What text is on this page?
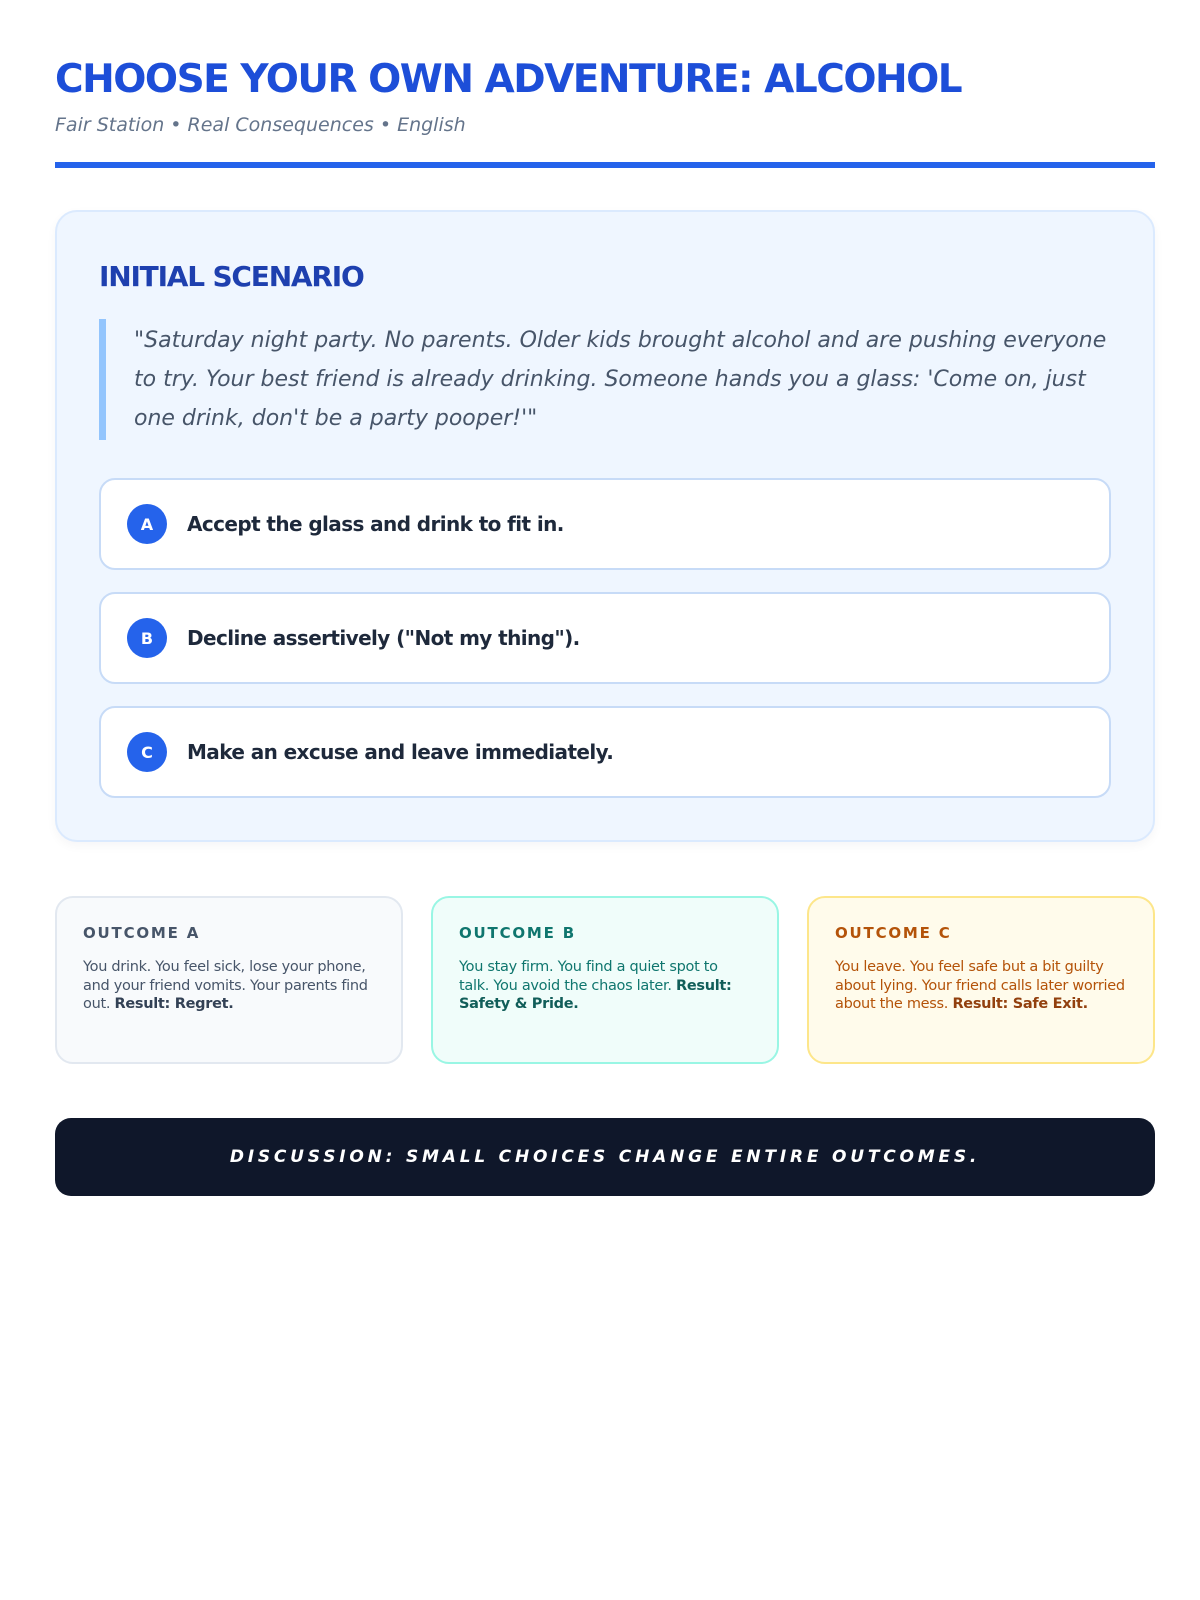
CHOOSE YOUR OWN ADVENTURE: ALCOHOL
Fair Station • Real Consequences • English
INITIAL SCENARIO
"Saturday night party. No parents. Older kids brought alcohol and are pushing everyone to try. Your best friend is already drinking. Someone hands you a glass: 'Come on, just one drink, don't be a party pooper!'"
A	Accept the glass and drink to fit in.
B	Decline assertively ("Not my thing").
C	Make an excuse and leave immediately.
OUTCOME A
You drink. You feel sick, lose your phone, and your friend vomits. Your parents find out. Result: Regret.
OUTCOME B
You stay firm. You find a quiet spot to talk. You avoid the chaos later. Result: Safety & Pride.
OUTCOME C
You leave. You feel safe but a bit guilty about lying. Your friend calls later worried about the mess. Result: Safe Exit.
DISCUSSION: SMALL CHOICES CHANGE ENTIRE OUTCOMES.
